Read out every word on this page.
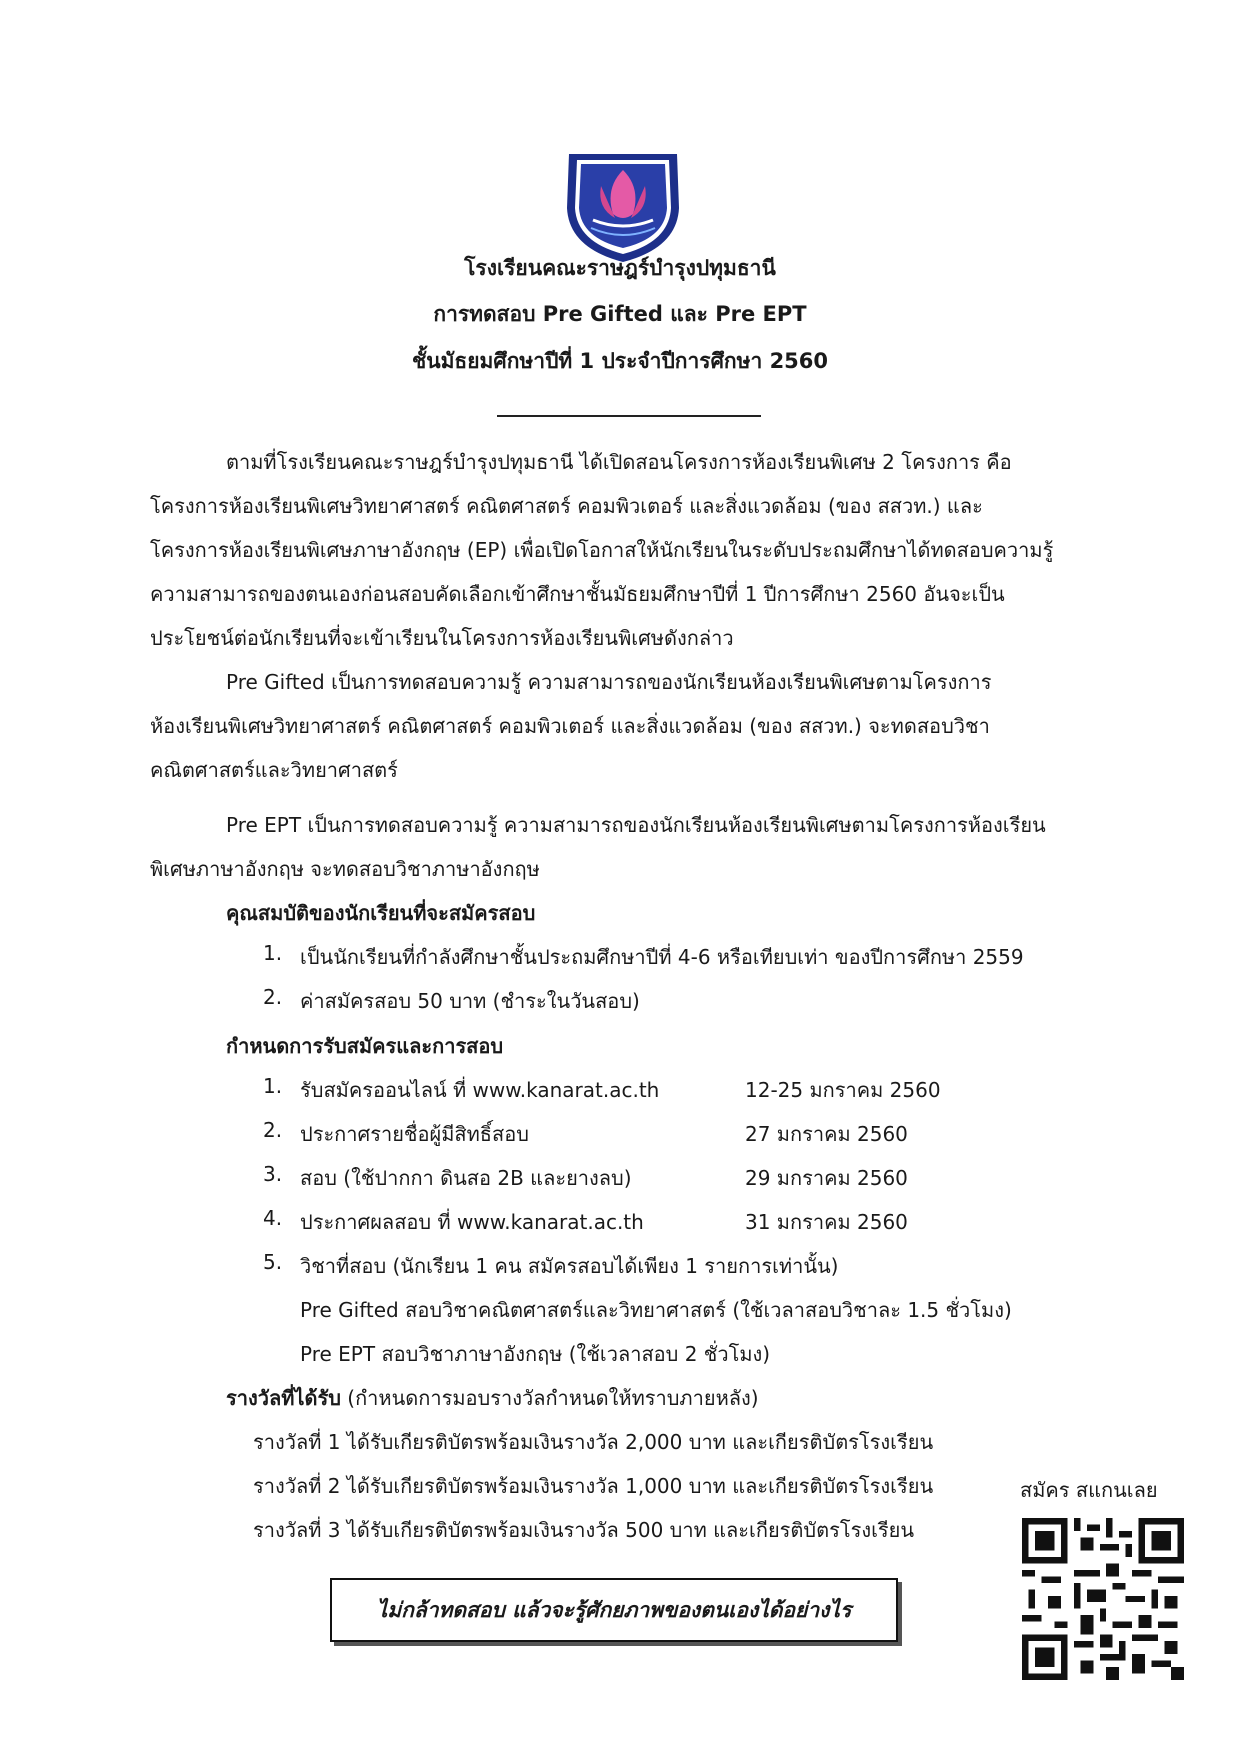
โรงเรียนคณะราษฎร์บำรุงปทุมธานี
การทดสอบ Pre Gifted และ Pre EPT
ชั้นมัธยมศึกษาปีที่ 1 ประจำปีการศึกษา 2560
ตามที่โรงเรียนคณะราษฎร์บำรุงปทุมธานี ได้เปิดสอนโครงการห้องเรียนพิเศษ 2 โครงการ คือ
โครงการห้องเรียนพิเศษวิทยาศาสตร์ คณิตศาสตร์ คอมพิวเตอร์ และสิ่งแวดล้อม (ของ สสวท.) และ
โครงการห้องเรียนพิเศษภาษาอังกฤษ (EP) เพื่อเปิดโอกาสให้นักเรียนในระดับประถมศึกษาได้ทดสอบความรู้
ความสามารถของตนเองก่อนสอบคัดเลือกเข้าศึกษาชั้นมัธยมศึกษาปีที่ 1 ปีการศึกษา 2560 อันจะเป็น
ประโยชน์ต่อนักเรียนที่จะเข้าเรียนในโครงการห้องเรียนพิเศษดังกล่าว
Pre Gifted เป็นการทดสอบความรู้ ความสามารถของนักเรียนห้องเรียนพิเศษตามโครงการ
ห้องเรียนพิเศษวิทยาศาสตร์ คณิตศาสตร์ คอมพิวเตอร์ และสิ่งแวดล้อม (ของ สสวท.) จะทดสอบวิชา
คณิตศาสตร์และวิทยาศาสตร์
Pre EPT เป็นการทดสอบความรู้ ความสามารถของนักเรียนห้องเรียนพิเศษตามโครงการห้องเรียน
พิเศษภาษาอังกฤษ จะทดสอบวิชาภาษาอังกฤษ
คุณสมบัติของนักเรียนที่จะสมัครสอบ
1. เป็นนักเรียนที่กำลังศึกษาชั้นประถมศึกษาปีที่ 4-6 หรือเทียบเท่า ของปีการศึกษา 2559
2. ค่าสมัครสอบ 50 บาท (ชำระในวันสอบ)
กำหนดการรับสมัครและการสอบ
1. รับสมัครออนไลน์ ที่ www.kanarat.ac.th	12-25 มกราคม 2560
2. ประกาศรายชื่อผู้มีสิทธิ์สอบ	27 มกราคม 2560
3. สอบ (ใช้ปากกา ดินสอ 2B และยางลบ)	29 มกราคม 2560
4. ประกาศผลสอบ ที่ www.kanarat.ac.th	31 มกราคม 2560
5. วิชาที่สอบ (นักเรียน 1 คน สมัครสอบได้เพียง 1 รายการเท่านั้น)
Pre Gifted สอบวิชาคณิตศาสตร์และวิทยาศาสตร์ (ใช้เวลาสอบวิชาละ 1.5 ชั่วโมง)
Pre EPT สอบวิชาภาษาอังกฤษ (ใช้เวลาสอบ 2 ชั่วโมง)
รางวัลที่ได้รับ (กำหนดการมอบรางวัลกำหนดให้ทราบภายหลัง)
รางวัลที่ 1 ได้รับเกียรติบัตรพร้อมเงินรางวัล 2,000 บาท และเกียรติบัตรโรงเรียน
รางวัลที่ 2 ได้รับเกียรติบัตรพร้อมเงินรางวัล 1,000 บาท และเกียรติบัตรโรงเรียน
รางวัลที่ 3 ได้รับเกียรติบัตรพร้อมเงินรางวัล 500 บาท และเกียรติบัตรโรงเรียน
สมัคร สแกนเลย
ไม่กล้าทดสอบ แล้วจะรู้ศักยภาพของตนเองได้อย่างไร
